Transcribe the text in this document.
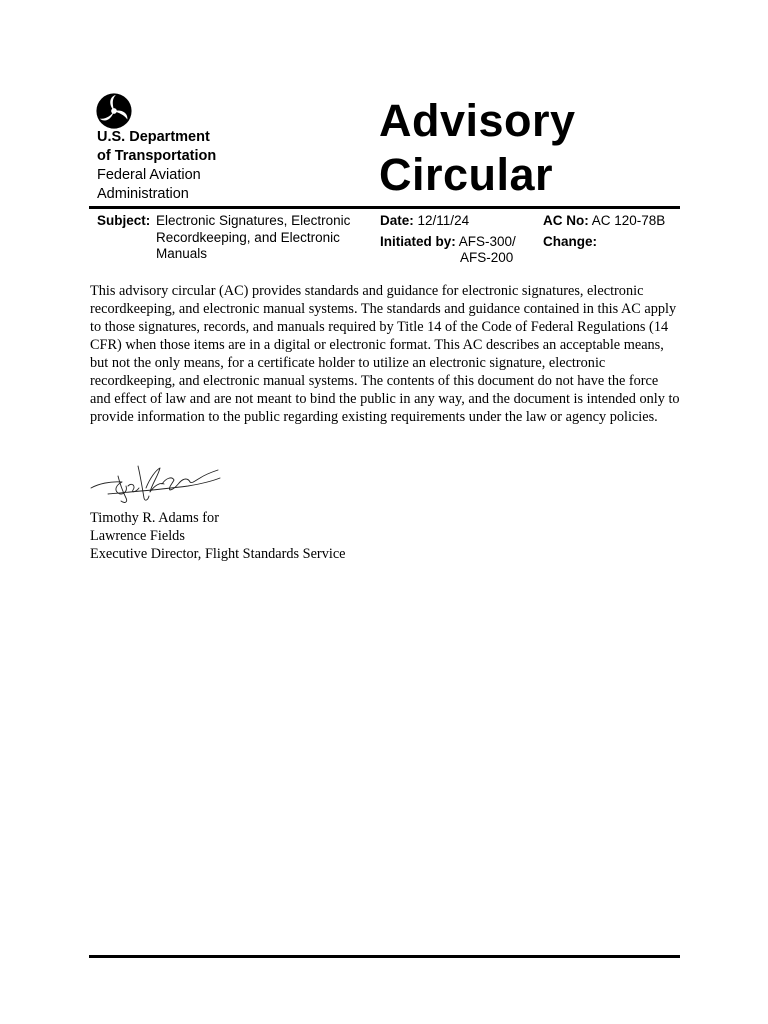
U.S. Department
of Transportation
Federal Aviation
Administration
Advisory
Circular
Subject: Electronic Signatures, Electronic Recordkeeping, and Electronic Manuals
Date: 12/11/24
Initiated by: AFS-300/
AFS-200
AC No: AC 120-78B
Change:
This advisory circular (AC) provides standards and guidance for electronic signatures, electronic recordkeeping, and electronic manual systems. The standards and guidance contained in this AC apply to those signatures, records, and manuals required by Title 14 of the Code of Federal Regulations (14 CFR) when those items are in a digital or electronic format. This AC describes an acceptable means, but not the only means, for a certificate holder to utilize an electronic signature, electronic recordkeeping, and electronic manual systems. The contents of this document do not have the force and effect of law and are not meant to bind the public in any way, and the document is intended only to provide information to the public regarding existing requirements under the law or agency policies.
Timothy R. Adams for
Lawrence Fields
Executive Director, Flight Standards Service
